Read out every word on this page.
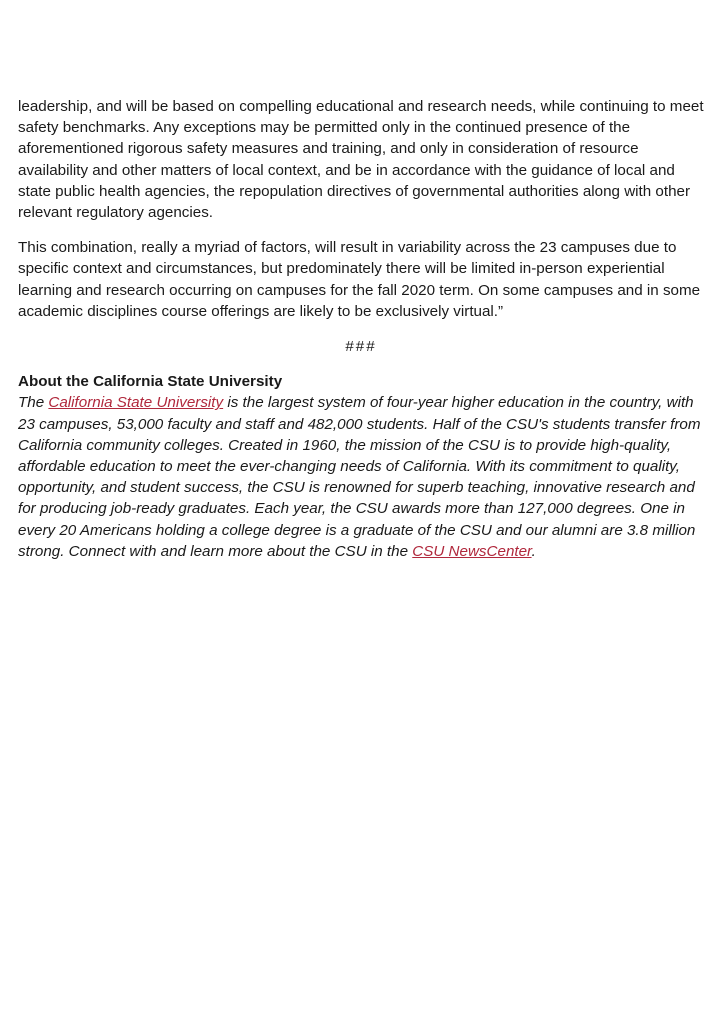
leadership, and will be based on compelling educational and research needs, while continuing to meet safety benchmarks. Any exceptions may be permitted only in the continued presence of the aforementioned rigorous safety measures and training, and only in consideration of resource availability and other matters of local context, and be in accordance with the guidance of local and state public health agencies, the repopulation directives of governmental authorities along with other relevant regulatory agencies.

This combination, really a myriad of factors, will result in variability across the 23 campuses due to specific context and circumstances, but predominately there will be limited in-person experiential learning and research occurring on campuses for the fall 2020 term. On some campuses and in some academic disciplines course offerings are likely to be exclusively virtual.”

###

About the California State University

The California State University is the largest system of four-year higher education in the country, with 23 campuses, 53,000 faculty and staff and 482,000 students. Half of the CSU's students transfer from California community colleges. Created in 1960, the mission of the CSU is to provide high-quality, affordable education to meet the ever-changing needs of California. With its commitment to quality, opportunity, and student success, the CSU is renowned for superb teaching, innovative research and for producing job-ready graduates. Each year, the CSU awards more than 127,000 degrees. One in every 20 Americans holding a college degree is a graduate of the CSU and our alumni are 3.8 million strong. Connect with and learn more about the CSU in the CSU NewsCenter.
